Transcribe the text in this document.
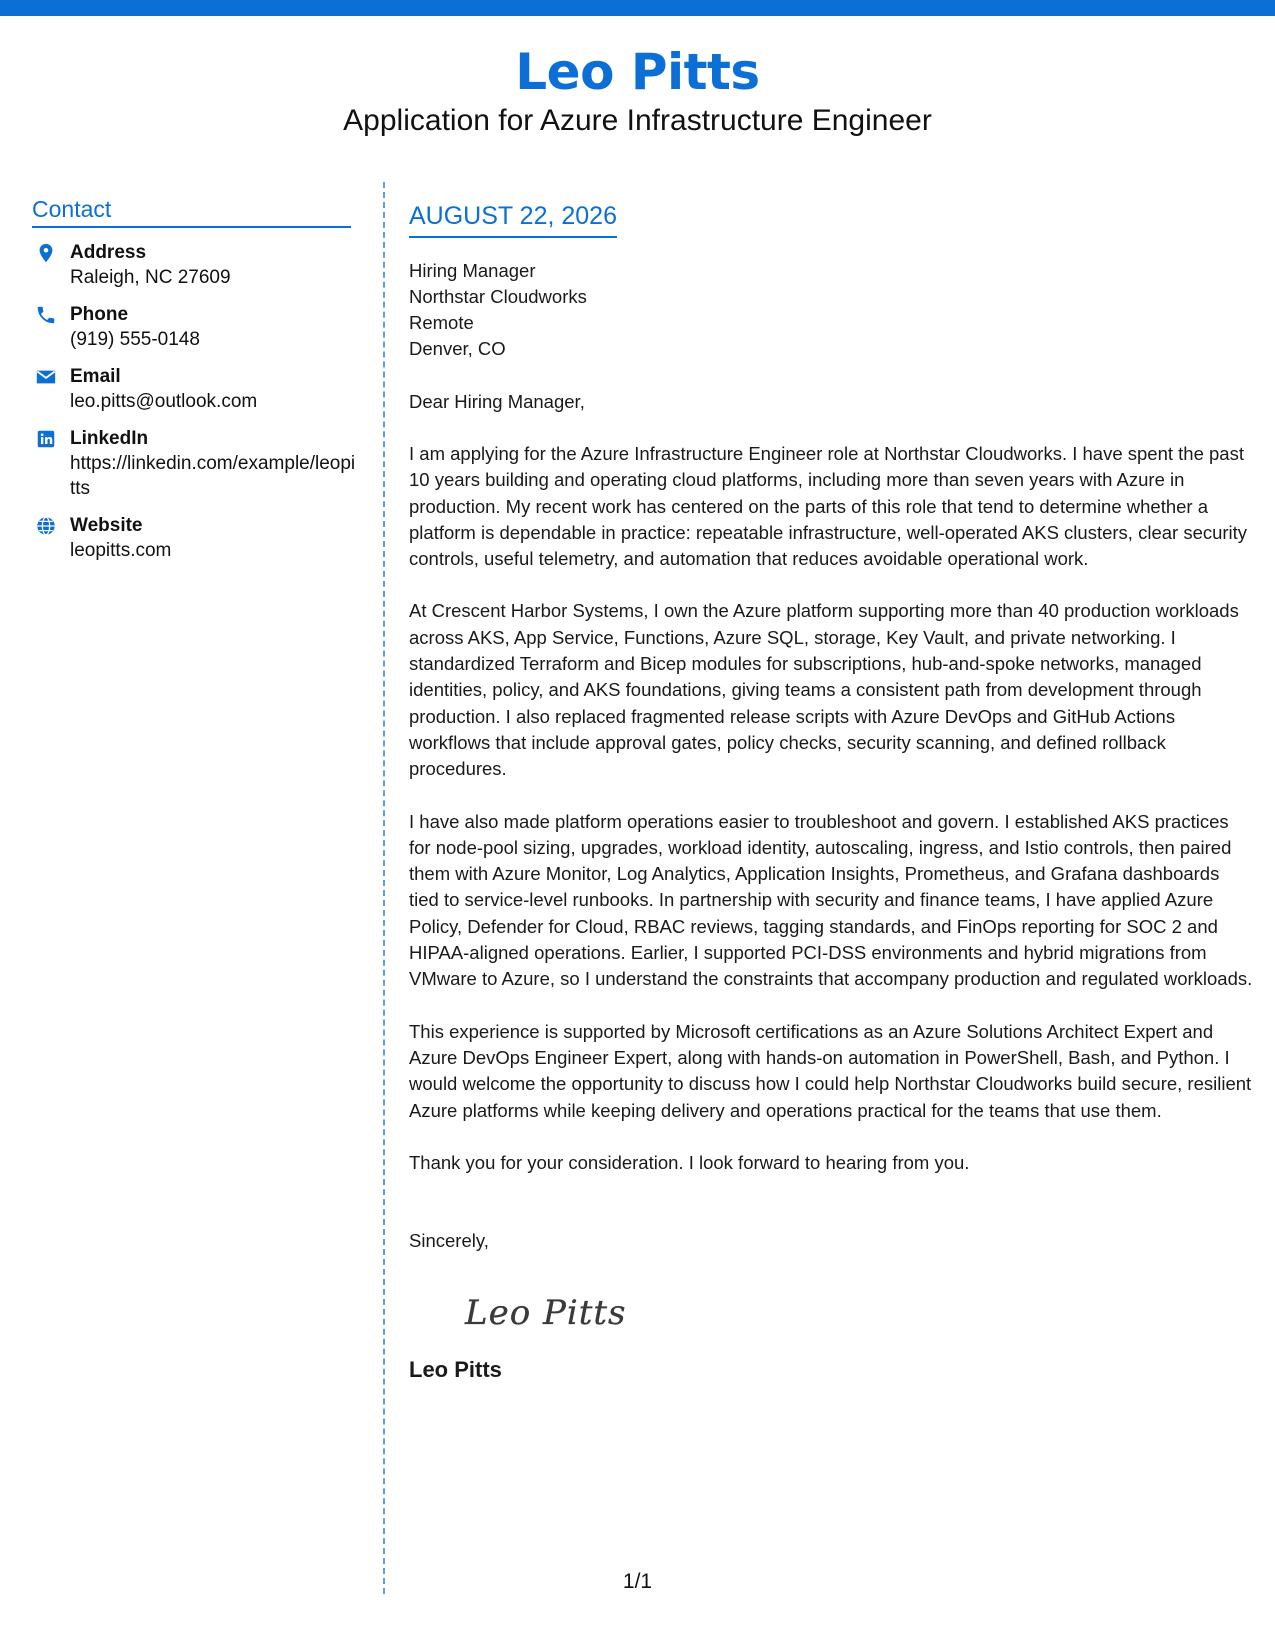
Leo Pitts
Application for Azure Infrastructure Engineer
Contact
Address
Raleigh, NC 27609
Phone
(919) 555-0148
Email
leo.pitts@outlook.com
LinkedIn
https://linkedin.com/example/leopitts
Website
leopitts.com
AUGUST 22, 2026
Hiring Manager
Northstar Cloudworks
Remote
Denver, CO
Dear Hiring Manager,
I am applying for the Azure Infrastructure Engineer role at Northstar Cloudworks. I have spent the past 10 years building and operating cloud platforms, including more than seven years with Azure in production. My recent work has centered on the parts of this role that tend to determine whether a platform is dependable in practice: repeatable infrastructure, well-operated AKS clusters, clear security controls, useful telemetry, and automation that reduces avoidable operational work.
At Crescent Harbor Systems, I own the Azure platform supporting more than 40 production workloads across AKS, App Service, Functions, Azure SQL, storage, Key Vault, and private networking. I standardized Terraform and Bicep modules for subscriptions, hub-and-spoke networks, managed identities, policy, and AKS foundations, giving teams a consistent path from development through production. I also replaced fragmented release scripts with Azure DevOps and GitHub Actions workflows that include approval gates, policy checks, security scanning, and defined rollback procedures.
I have also made platform operations easier to troubleshoot and govern. I established AKS practices for node-pool sizing, upgrades, workload identity, autoscaling, ingress, and Istio controls, then paired them with Azure Monitor, Log Analytics, Application Insights, Prometheus, and Grafana dashboards tied to service-level runbooks. In partnership with security and finance teams, I have applied Azure Policy, Defender for Cloud, RBAC reviews, tagging standards, and FinOps reporting for SOC 2 and HIPAA-aligned operations. Earlier, I supported PCI-DSS environments and hybrid migrations from VMware to Azure, so I understand the constraints that accompany production and regulated workloads.
This experience is supported by Microsoft certifications as an Azure Solutions Architect Expert and Azure DevOps Engineer Expert, along with hands-on automation in PowerShell, Bash, and Python. I would welcome the opportunity to discuss how I could help Northstar Cloudworks build secure, resilient Azure platforms while keeping delivery and operations practical for the teams that use them.
Thank you for your consideration. I look forward to hearing from you.
Sincerely,
Leo Pitts
Leo Pitts
1/1
